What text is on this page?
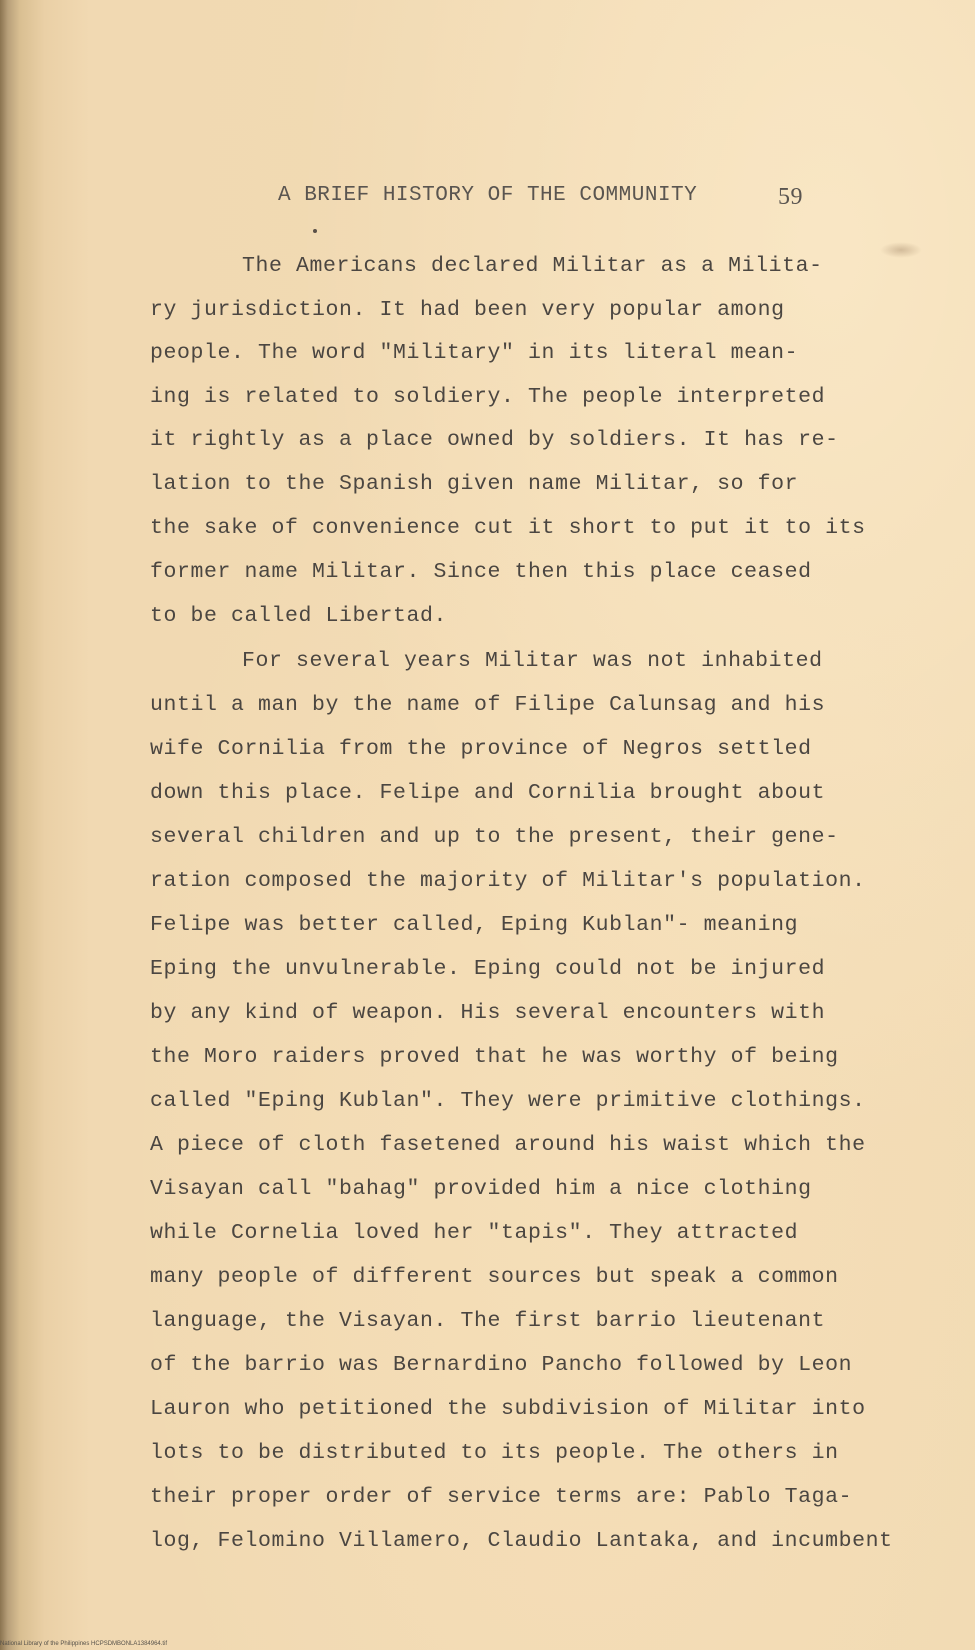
A BRIEF HISTORY OF THE COMMUNITY	59
The Americans declared Militar as a Milita-
ry jurisdiction. It had been very popular among
people. The word "Military" in its literal mean-
ing is related to soldiery. The people interpreted
it rightly as a place owned by soldiers. It has re-
lation to the Spanish given name Militar, so for
the sake of convenience cut it short to put it to its
former name Militar. Since then this place ceased
to be called Libertad.
For several years Militar was not inhabited
until a man by the name of Filipe Calunsag and his
wife Cornilia from the province of Negros settled
down this place. Felipe and Cornilia brought about
several children and up to the present, their gene-
ration composed the majority of Militar's population.
Felipe was better called, Eping Kublan"- meaning
Eping the unvulnerable. Eping could not be injured
by any kind of weapon. His several encounters with
the Moro raiders proved that he was worthy of being
called "Eping Kublan". They were primitive clothings.
A piece of cloth fasetened around his waist which the
Visayan call "bahag" provided him a nice clothing
while Cornelia loved her "tapis". They attracted
many people of different sources but speak a common
language, the Visayan. The first barrio lieutenant
of the barrio was Bernardino Pancho followed by Leon
Lauron who petitioned the subdivision of Militar into
lots to be distributed to its people. The others in
their proper order of service terms are: Pablo Taga-
log, Felomino Villamero, Claudio Lantaka, and incumbent
National Library of the Philippines HCPSDMBONLA1384964.tif
